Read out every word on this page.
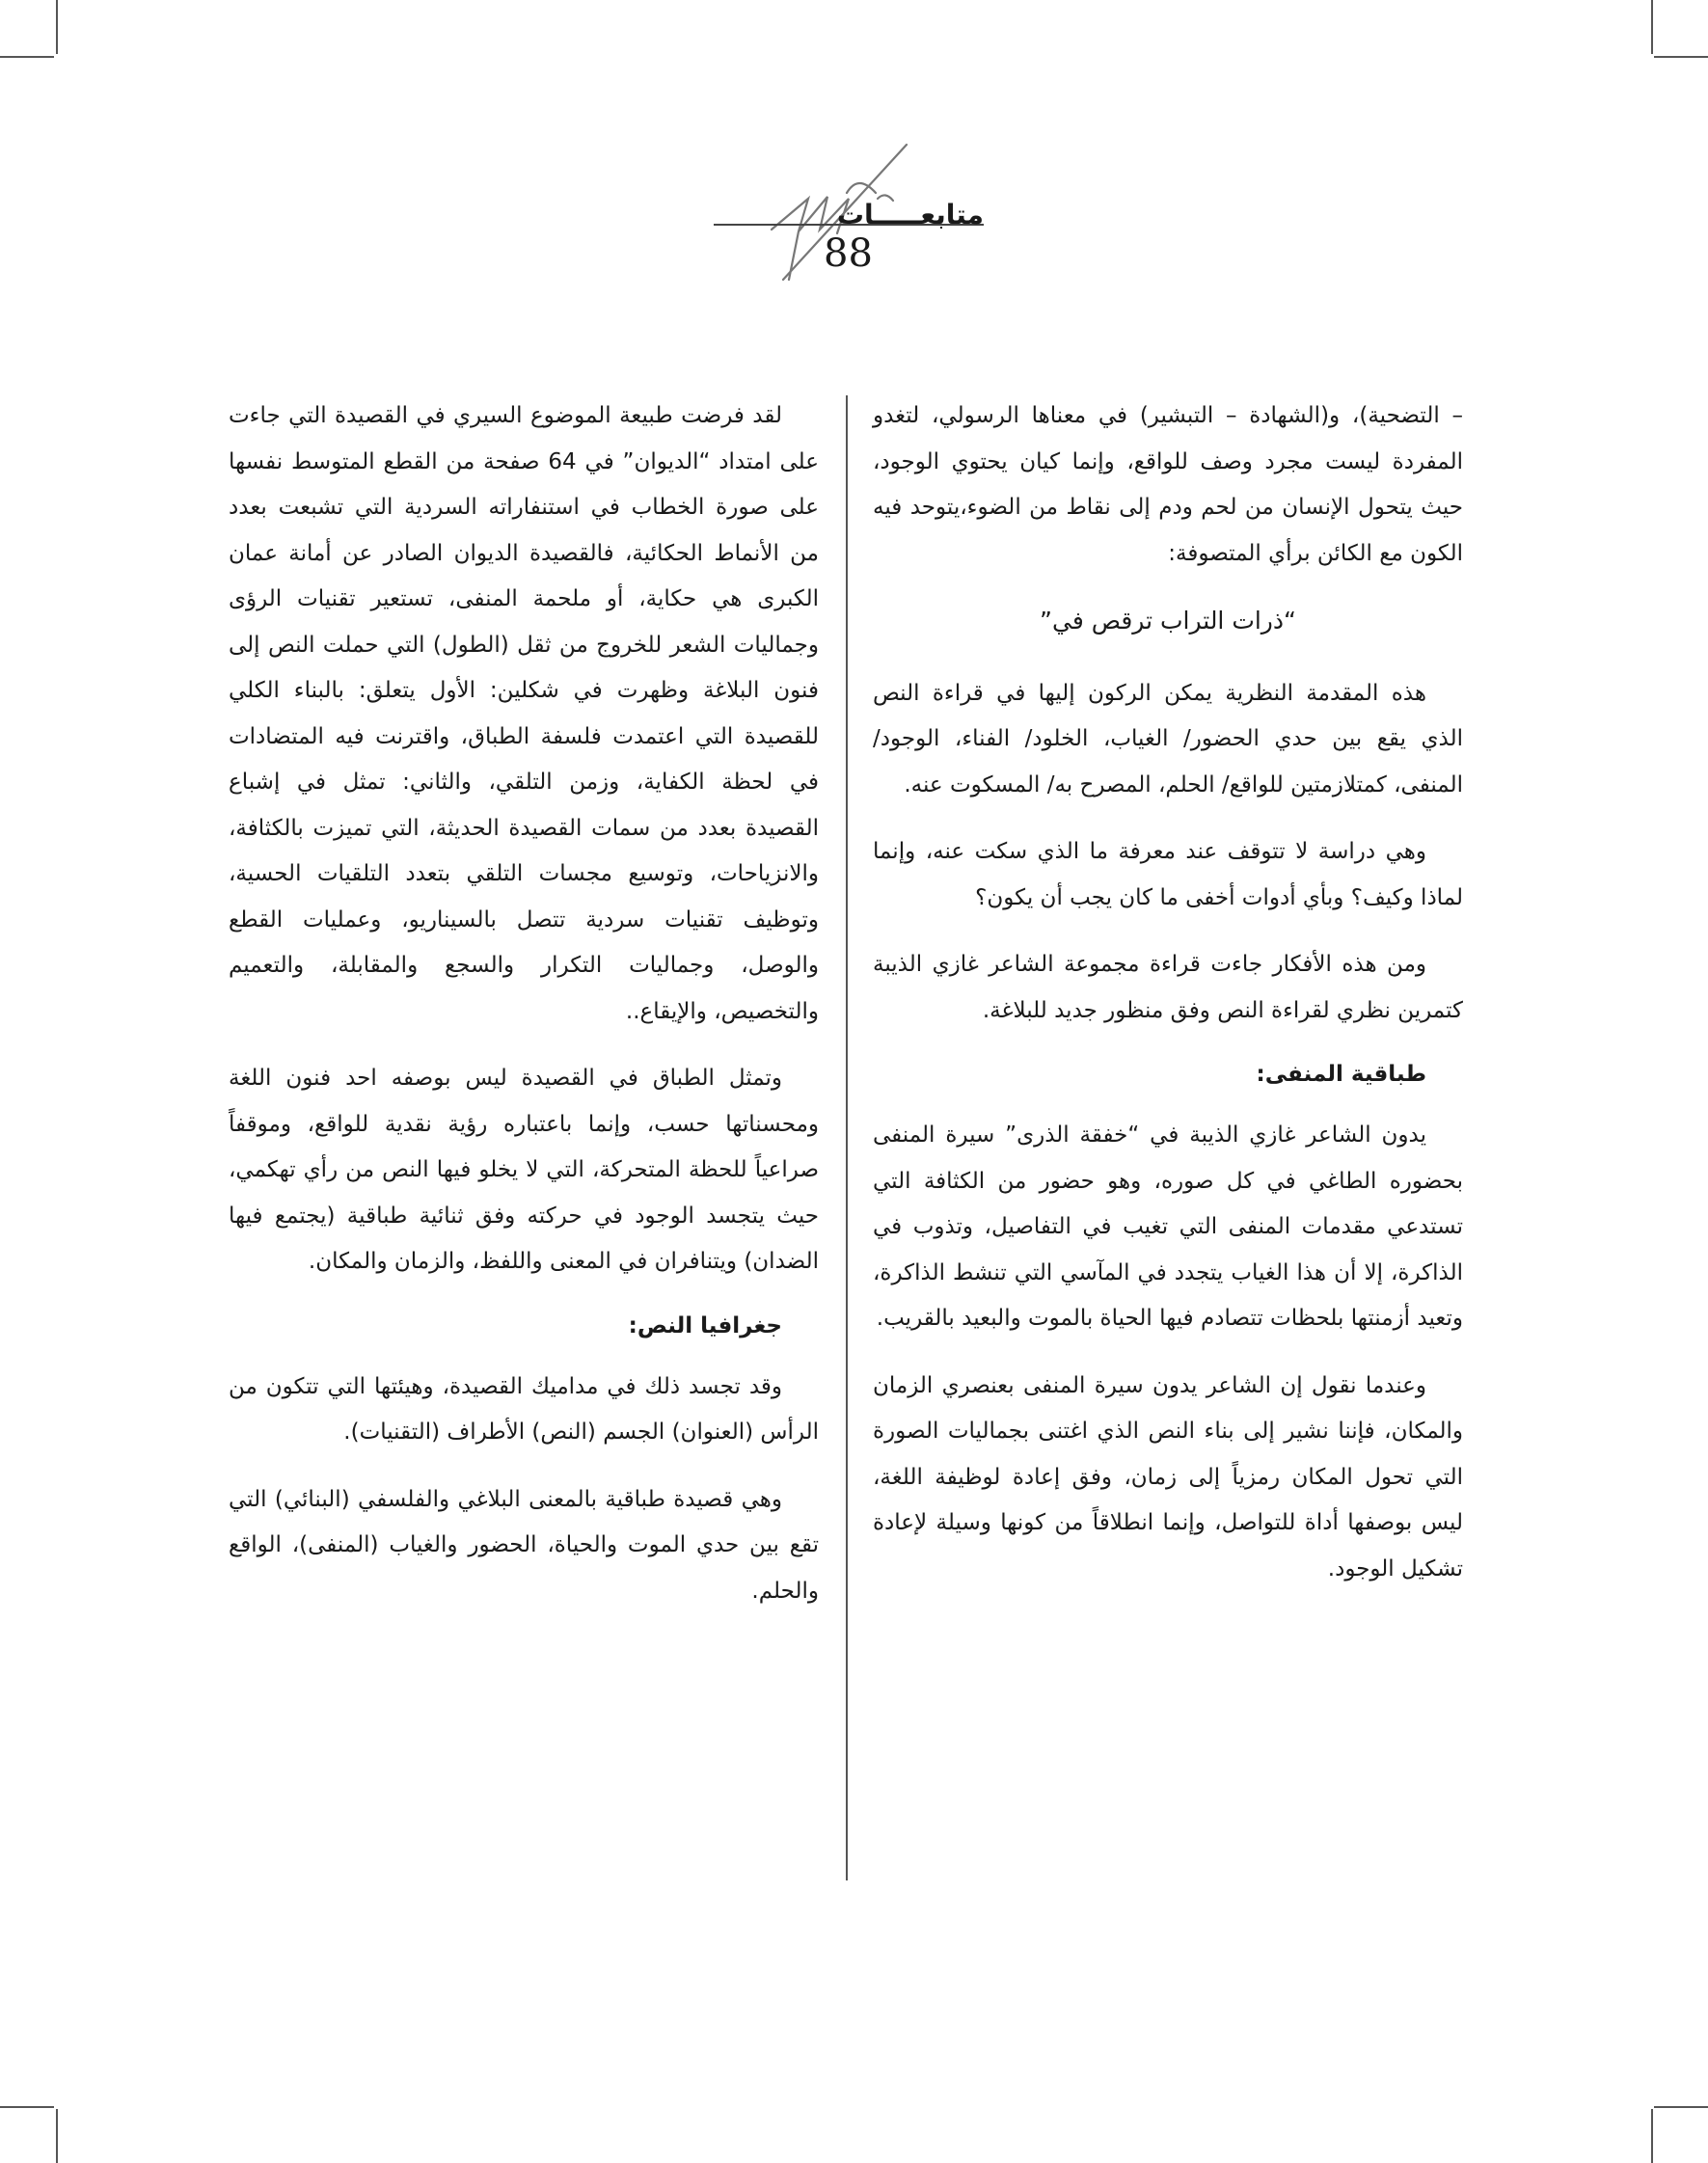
متابعـــــات
88

– التضحية)، و(الشهادة – التبشير) في معناها الرسولي، لتغدو المفردة ليست مجرد وصف للواقع، وإنما كيان يحتوي الوجود، حيث يتحول الإنسان من لحم ودم إلى نقاط من الضوء،يتوحد فيه الكون مع الكائن برأي المتصوفة:

“ذرات التراب ترقص في”

هذه المقدمة النظرية يمكن الركون إليها في قراءة النص الذي يقع بين حدي الحضور/ الغياب، الخلود/ الفناء، الوجود/ المنفى، كمتلازمتين للواقع/ الحلم، المصرح به/ المسكوت عنه.

وهي دراسة لا تتوقف عند معرفة ما الذي سكت عنه، وإنما لماذا وكيف؟ وبأي أدوات أخفى ما كان يجب أن يكون؟

ومن هذه الأفكار جاءت قراءة مجموعة الشاعر غازي الذيبة كتمرين نظري لقراءة النص وفق منظور جديد للبلاغة.

طباقية المنفى:

يدون الشاعر غازي الذيبة في “خفقة الذرى” سيرة المنفى بحضوره الطاغي في كل صوره، وهو حضور من الكثافة التي تستدعي مقدمات المنفى التي تغيب في التفاصيل، وتذوب في الذاكرة، إلا أن هذا الغياب يتجدد في المآسي التي تنشط الذاكرة، وتعيد أزمنتها بلحظات تتصادم فيها الحياة بالموت والبعيد بالقريب.

وعندما نقول إن الشاعر يدون سيرة المنفى بعنصري الزمان والمكان، فإننا نشير إلى بناء النص الذي اغتنى بجماليات الصورة التي تحول المكان رمزياً إلى زمان، وفق إعادة لوظيفة اللغة، ليس بوصفها أداة للتواصل، وإنما انطلاقاً من كونها وسيلة لإعادة تشكيل الوجود.

لقد فرضت طبيعة الموضوع السيري في القصيدة التي جاءت على امتداد “الديوان” في 64 صفحة من القطع المتوسط نفسها على صورة الخطاب في استنفاراته السردية التي تشبعت بعدد من الأنماط الحكائية، فالقصيدة الديوان الصادر عن أمانة عمان الكبرى هي حكاية، أو ملحمة المنفى، تستعير تقنيات الرؤى وجماليات الشعر للخروج من ثقل (الطول) التي حملت النص إلى فنون البلاغة وظهرت في شكلين: الأول يتعلق: بالبناء الكلي للقصيدة التي اعتمدت فلسفة الطباق، واقترنت فيه المتضادات في لحظة الكفاية، وزمن التلقي، والثاني: تمثل في إشباع القصيدة بعدد من سمات القصيدة الحديثة، التي تميزت بالكثافة، والانزياحات، وتوسيع مجسات التلقي بتعدد التلقيات الحسية، وتوظيف تقنيات سردية تتصل بالسيناريو، وعمليات القطع والوصل، وجماليات التكرار والسجع والمقابلة، والتعميم والتخصيص، والإيقاع..

وتمثل الطباق في القصيدة ليس بوصفه احد فنون اللغة ومحسناتها حسب، وإنما باعتباره رؤية نقدية للواقع، وموقفاً صراعياً للحظة المتحركة، التي لا يخلو فيها النص من رأي تهكمي، حيث يتجسد الوجود في حركته وفق ثنائية طباقية (يجتمع فيها الضدان) ويتنافران في المعنى واللفظ، والزمان والمكان.

جغرافيا النص:

وقد تجسد ذلك في مداميك القصيدة، وهيئتها التي تتكون من الرأس (العنوان) الجسم (النص) الأطراف (التقنيات).

وهي قصيدة طباقية بالمعنى البلاغي والفلسفي (البنائي) التي تقع بين حدي الموت والحياة، الحضور والغياب (المنفى)، الواقع والحلم.
